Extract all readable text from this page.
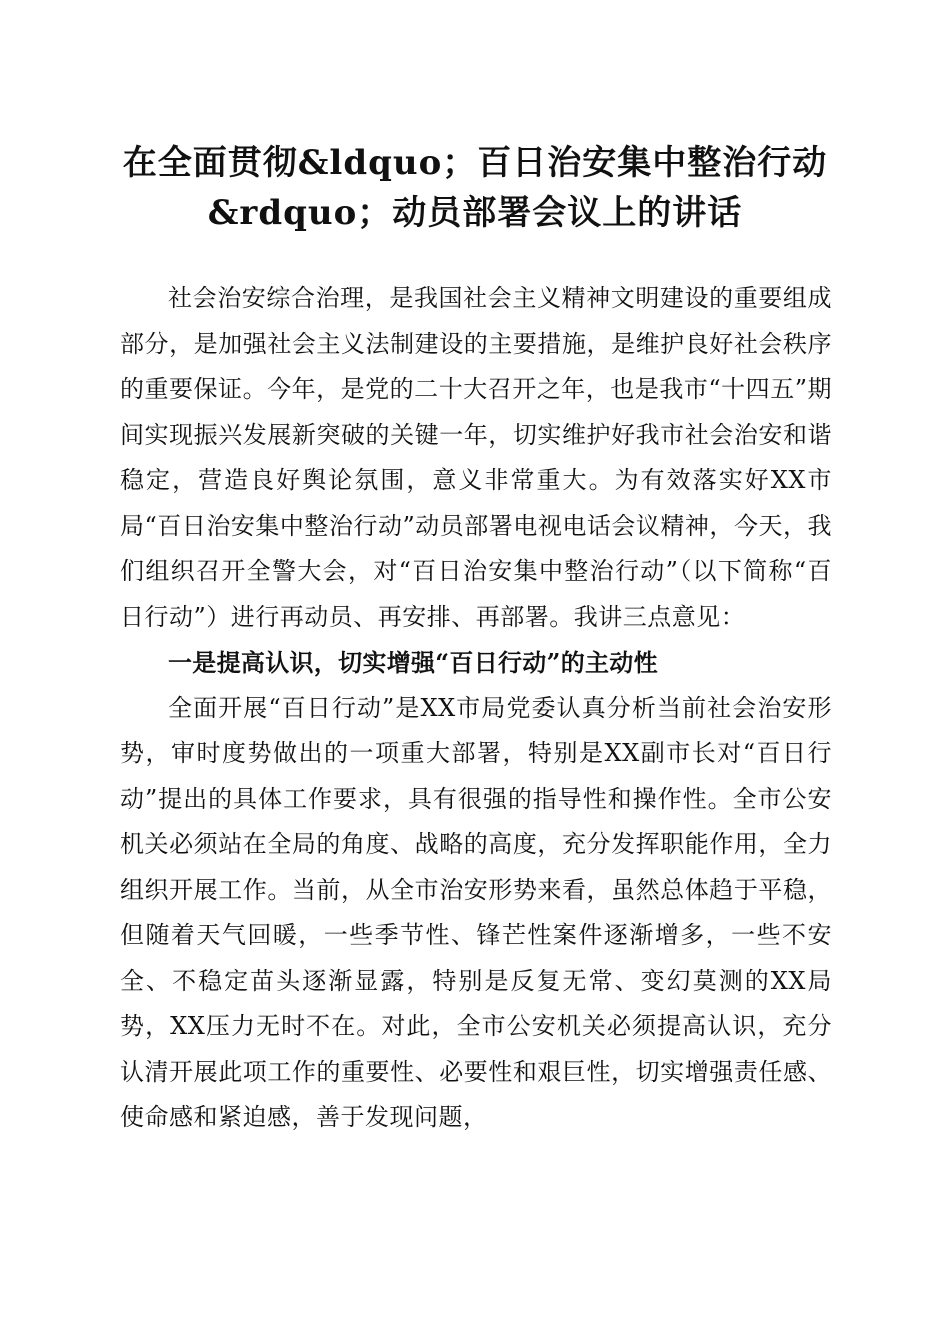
在全面贯彻&ldquo；百日治安集中整治行动
&rdquo；动员部署会议上的讲话

社会治安综合治理，是我国社会主义精神文明建设的重要组成部分，是加强社会主义法制建设的主要措施，是维护良好社会秩序的重要保证。今年，是党的二十大召开之年，也是我市“十四五”期间实现振兴发展新突破的关键一年，切实维护好我市社会治安和谐稳定，营造良好舆论氛围，意义非常重大。为有效落实好XX市局“百日治安集中整治行动”动员部署电视电话会议精神，今天，我们组织召开全警大会，对“百日治安集中整治行动”（以下简称“百日行动”）进行再动员、再安排、再部署。我讲三点意见：

一是提高认识，切实增强“百日行动”的主动性

全面开展“百日行动”是XX市局党委认真分析当前社会治安形势，审时度势做出的一项重大部署，特别是XX副市长对“百日行动”提出的具体工作要求，具有很强的指导性和操作性。全市公安机关必须站在全局的角度、战略的高度，充分发挥职能作用，全力组织开展工作。当前，从全市治安形势来看，虽然总体趋于平稳，但随着天气回暖，一些季节性、锋芒性案件逐渐增多，一些不安全、不稳定苗头逐渐显露，特别是反复无常、变幻莫测的XX局势，XX压力无时不在。对此，全市公安机关必须提高认识，充分认清开展此项工作的重要性、必要性和艰巨性，切实增强责任感、使命感和紧迫感，善于发现问题，
